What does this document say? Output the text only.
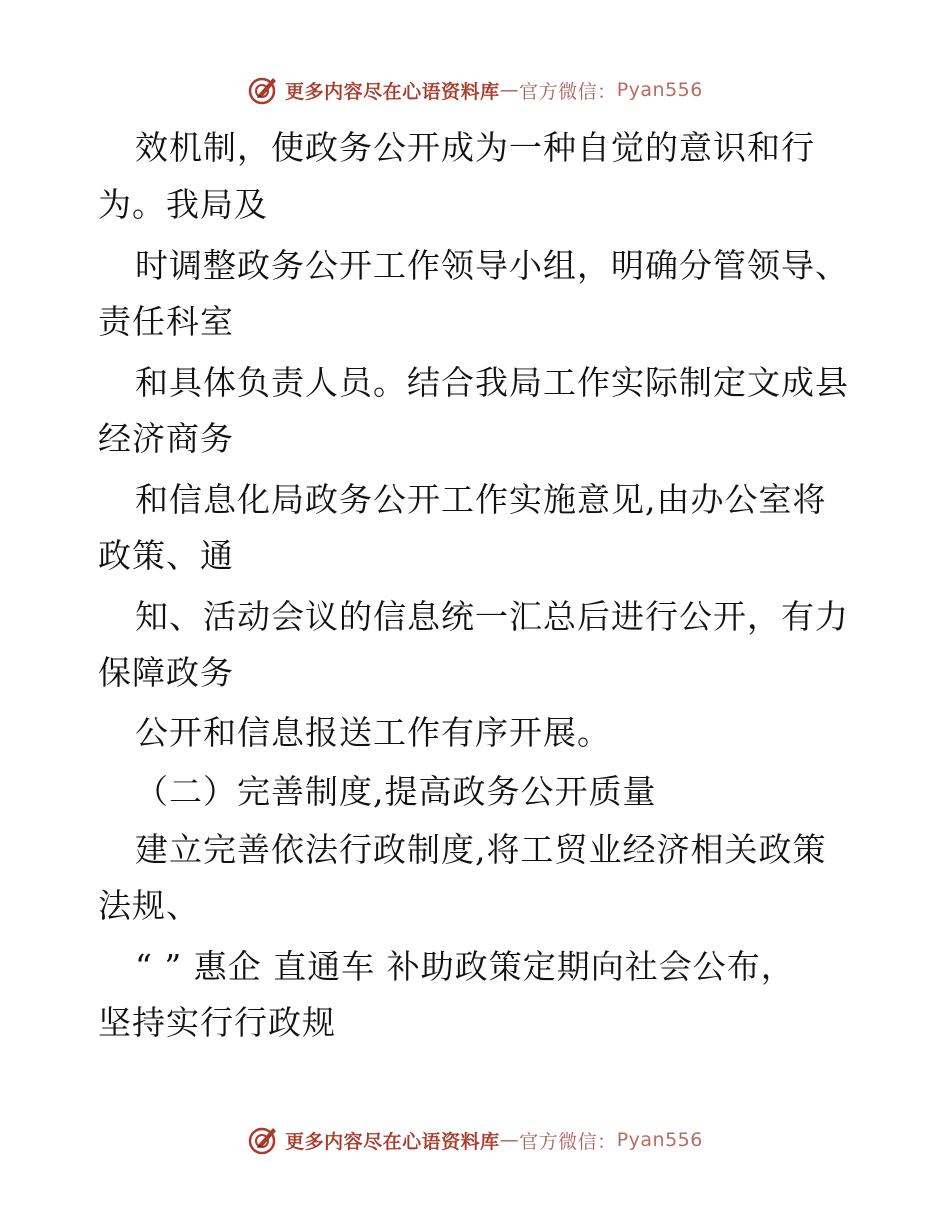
更多内容尽在心语资料库 — 官方微信： Pyan556
效机制，使政务公开成为一种自觉的意识和行
为。我局及
时调整政务公开工作领导小组，明确分管领导、
责任科室
和具体负责人员。结合我局工作实际制定文成县
经济商务
和信息化局政务公开工作实施意见,由办公室将
政策、通
知、活动会议的信息统一汇总后进行公开，有力
保障政务
公开和信息报送工作有序开展。
（二）完善制度,提高政务公开质量
建立完善依法行政制度,将工贸业经济相关政策
法规、
“ ” 惠企 直通车 补助政策定期向社会公布，
坚持实行行政规
更多内容尽在心语资料库 — 官方微信： Pyan556
